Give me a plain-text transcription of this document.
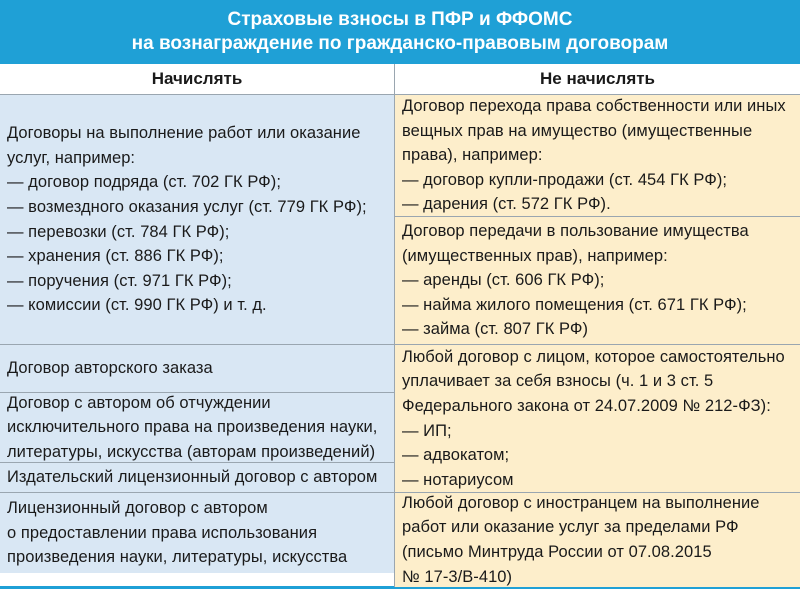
Страховые взносы в ПФР и ФФОМС
на вознаграждение по гражданско-правовым договорам
Начислять
Договоры на выполнение работ или оказание
услуг, например:
— договор подряда (ст. 702 ГК РФ);
— возмездного оказания услуг (ст. 779 ГК РФ);
— перевозки (ст. 784 ГК РФ);
— хранения (ст. 886 ГК РФ);
— поручения (ст. 971 ГК РФ);
— комиссии (ст. 990 ГК РФ) и т. д.
Договор авторского заказа
Договор с автором об отчуждении
исключительного права на произведения науки,
литературы, искусства (авторам произведений)
Издательский лицензионный договор с автором
Лицензионный договор с автором
о предоставлении права использования
произведения науки, литературы, искусства
Не начислять
Договор перехода права собственности или иных
вещных прав на имущество (имущественные
права), например:
— договор купли-продажи (ст. 454 ГК РФ);
— дарения (ст. 572 ГК РФ).
Договор передачи в пользование имущества
(имущественных прав), например:
— аренды (ст. 606 ГК РФ);
— найма жилого помещения (ст. 671 ГК РФ);
— займа (ст. 807 ГК РФ)
Любой договор с лицом, которое самостоятельно
уплачивает за себя взносы (ч. 1 и 3 ст. 5
Федерального закона от 24.07.2009 № 212-ФЗ):
— ИП;
— адвокатом;
— нотариусом
Любой договор с иностранцем на выполнение
работ или оказание услуг за пределами РФ
(письмо Минтруда России от 07.08.2015
№ 17-3/В-410)
